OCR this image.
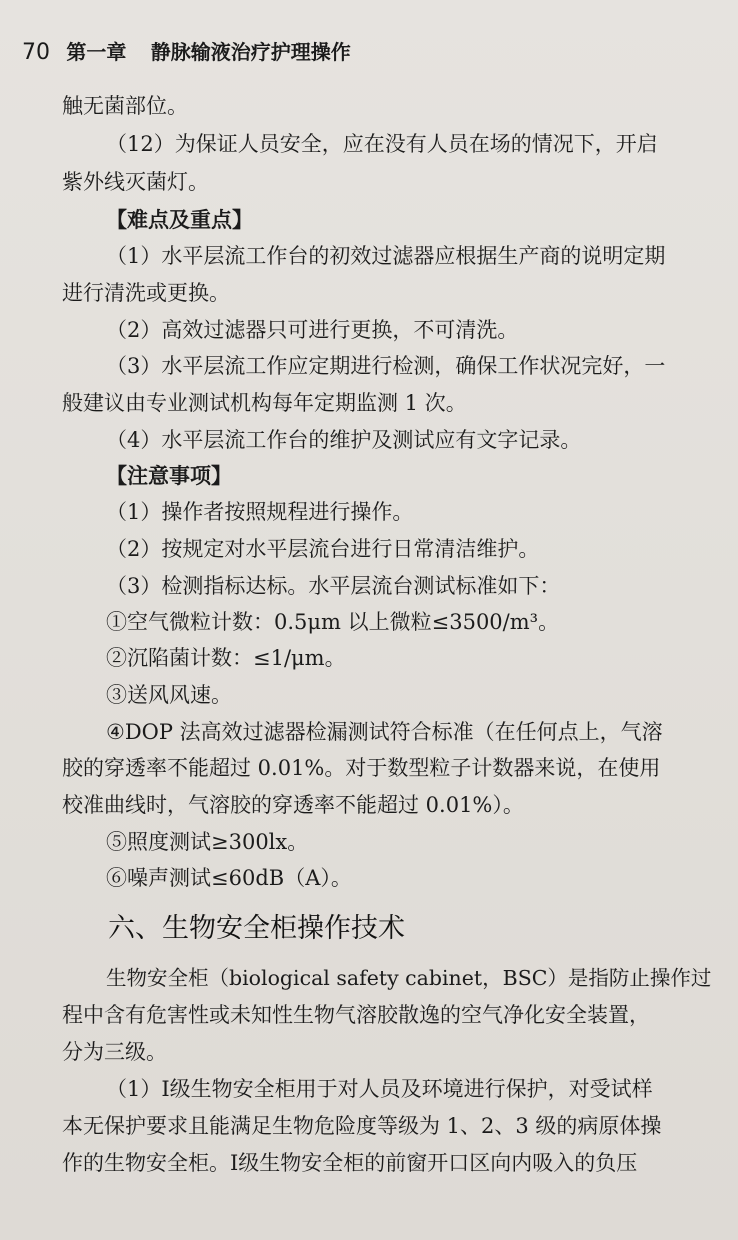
70 第一章 静脉输液治疗护理操作
触无菌部位。
（12）为保证人员安全，应在没有人员在场的情况下，开启
紫外线灭菌灯。
【难点及重点】
（1）水平层流工作台的初效过滤器应根据生产商的说明定期
进行清洗或更换。
（2）高效过滤器只可进行更换，不可清洗。
（3）水平层流工作应定期进行检测，确保工作状况完好，一
般建议由专业测试机构每年定期监测 1 次。
（4）水平层流工作台的维护及测试应有文字记录。
【注意事项】
（1）操作者按照规程进行操作。
（2）按规定对水平层流台进行日常清洁维护。
（3）检测指标达标。水平层流台测试标准如下：
①空气微粒计数：0.5μm 以上微粒≤3500/m³。
②沉陷菌计数：≤1/μm。
③送风风速。
④DOP 法高效过滤器检漏测试符合标准（在任何点上，气溶
胶的穿透率不能超过 0.01%。对于数型粒子计数器来说，在使用
校准曲线时，气溶胶的穿透率不能超过 0.01%）。
⑤照度测试≥300lx。
⑥噪声测试≤60dB（A）。
六、生物安全柜操作技术
生物安全柜（biological safety cabinet，BSC）是指防止操作过
程中含有危害性或未知性生物气溶胶散逸的空气净化安全装置，
分为三级。
（1）Ⅰ级生物安全柜用于对人员及环境进行保护，对受试样
本无保护要求且能满足生物危险度等级为 1、2、3 级的病原体操
作的生物安全柜。Ⅰ级生物安全柜的前窗开口区向内吸入的负压
